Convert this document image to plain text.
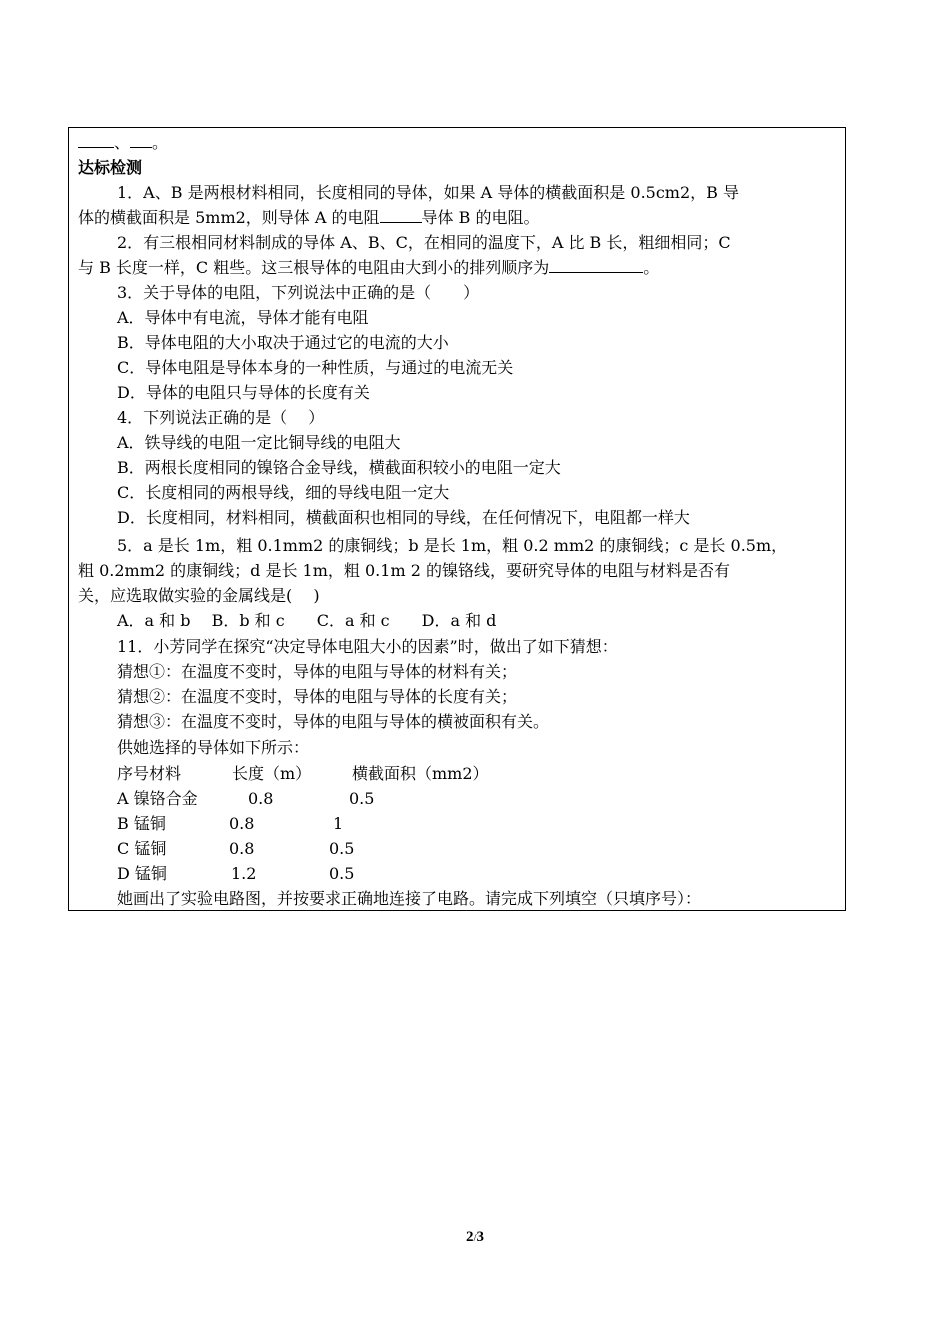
、 。
达标检测
1．A、B 是两根材料相同，长度相同的导体，如果 A 导体的横截面积是 0.5cm2，B 导
体的横截面积是 5mm2，则导体 A 的电阻	导体 B 的电阻。
2．有三根相同材料制成的导体 A、B、C，在相同的温度下，A 比 B 长，粗细相同；C
与 B 长度一样，C 粗些。这三根导体的电阻由大到小的排列顺序为	。
3．关于导体的电阻，下列说法中正确的是（　　）
A．导体中有电流，导体才能有电阻
B．导体电阻的大小取决于通过它的电流的大小
C．导体电阻是导体本身的一种性质，与通过的电流无关
D．导体的电阻只与导体的长度有关
4．下列说法正确的是（　 ）
A．铁导线的电阻一定比铜导线的电阻大
B．两根长度相同的镍铬合金导线，横截面积较小的电阻一定大
C．长度相同的两根导线，细的导线电阻一定大
D．长度相同，材料相同，横截面积也相同的导线，在任何情况下，电阻都一样大
5．a 是长 1m，粗 0.1mm2 的康铜线；b 是长 1m，粗 0.2 mm2 的康铜线；c 是长 0.5m，
粗 0.2mm2 的康铜线；d 是长 1m，粗 0.1m 2 的镍铬线，要研究导体的电阻与材料是否有
关，应选取做实验的金属线是(　 )
A．a 和 b　 B．b 和 c　　C．a 和 c　　D．a 和 d
11．小芳同学在探究“决定导体电阻大小的因素”时，做出了如下猜想：
猜想①：在温度不变时，导体的电阻与导体的材料有关；
猜想②：在温度不变时，导体的电阻与导体的长度有关；
猜想③：在温度不变时，导体的电阻与导体的横被面积有关。
供她选择的导体如下所示：
序号材料	长度（m）	横截面积（mm2）
A 镍铬合金	0.8	0.5
B 锰铜	0.8	1
C 锰铜	0.8	0.5
D 锰铜	1.2	0.5
她画出了实验电路图，并按要求正确地连接了电路。请完成下列填空（只填序号）：
2/3
